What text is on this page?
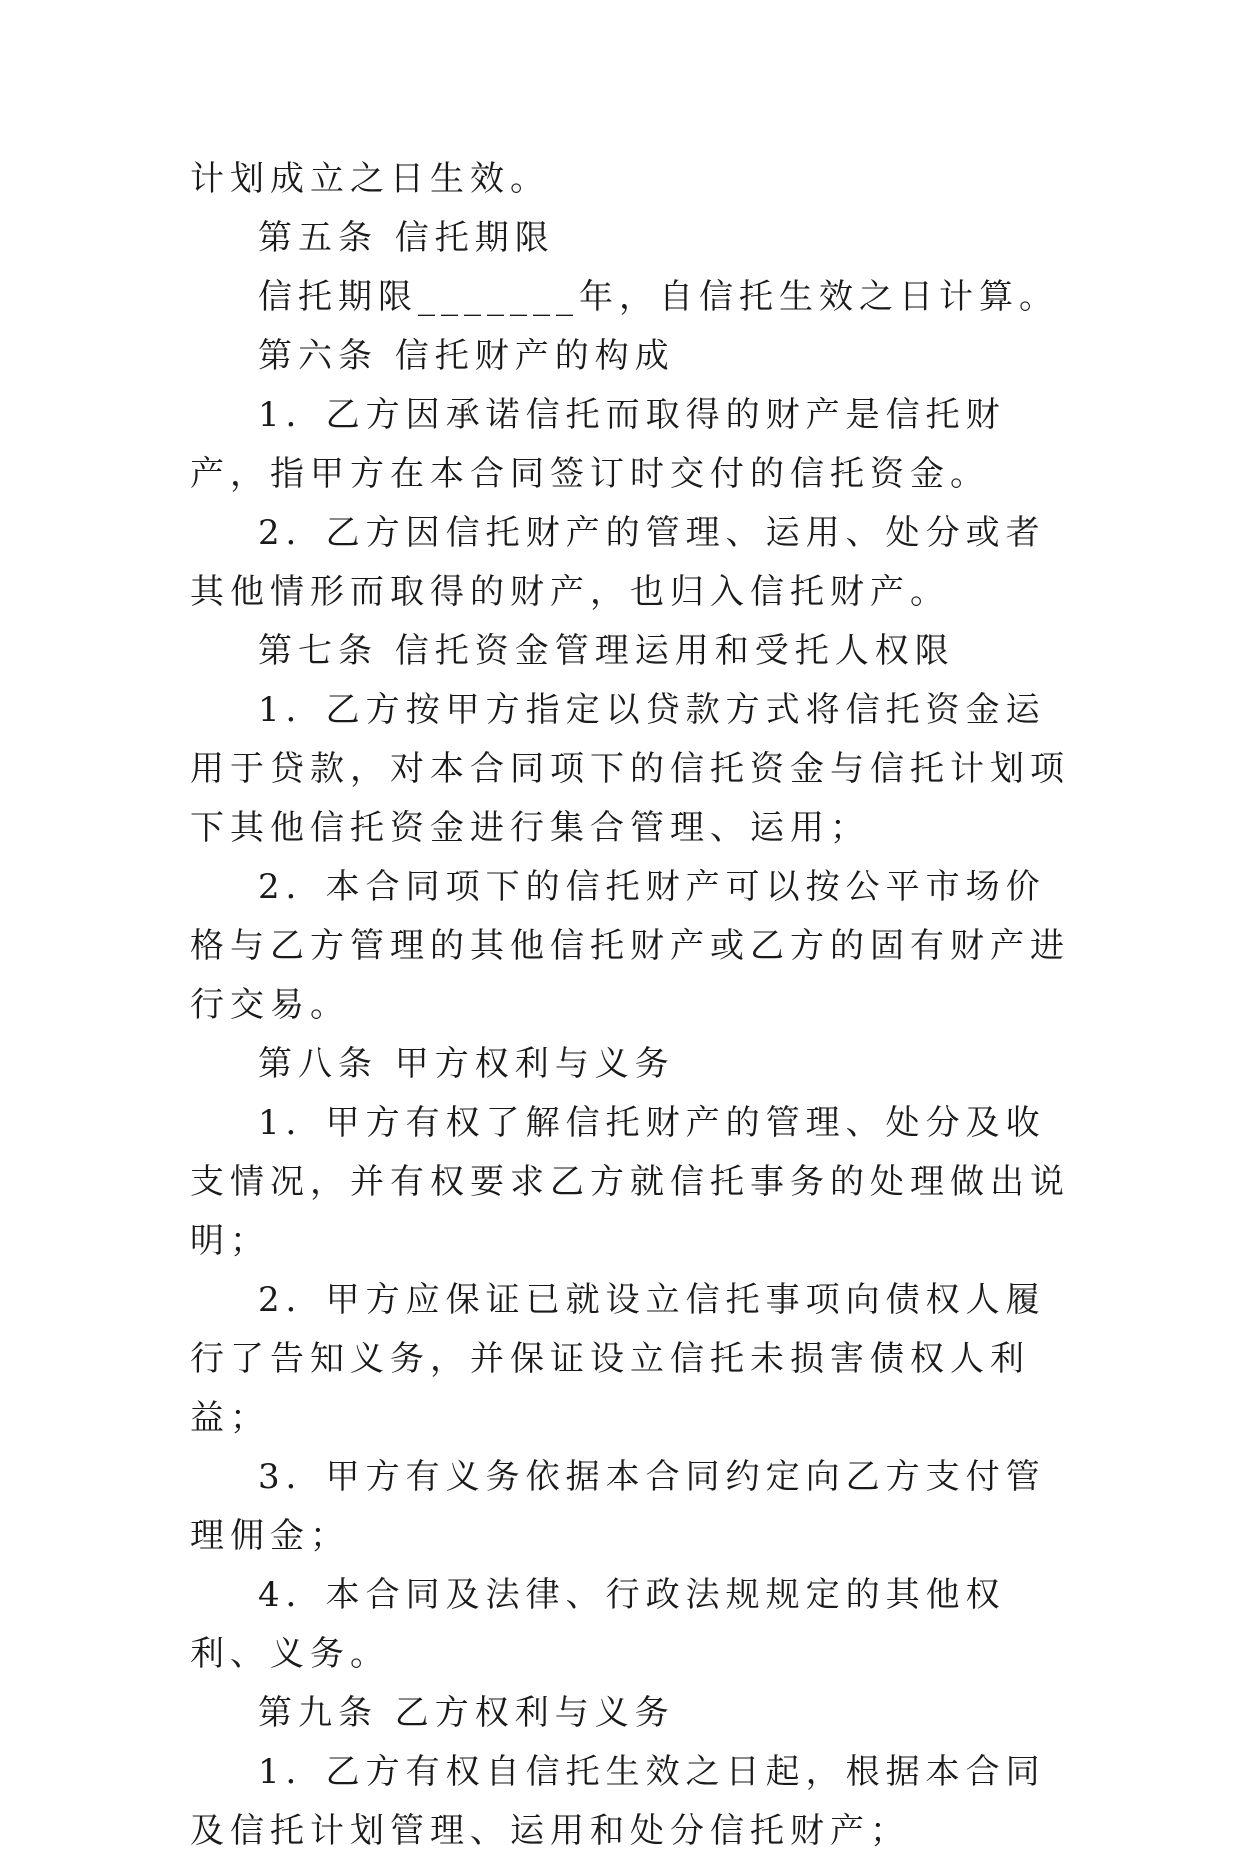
计划成立之日生效。

第五条 信托期限

信托期限_______年，自信托生效之日计算。

第六条 信托财产的构成

1．乙方因承诺信托而取得的财产是信托财产，指甲方在本合同签订时交付的信托资金。

2．乙方因信托财产的管理、运用、处分或者其他情形而取得的财产，也归入信托财产。

第七条 信托资金管理运用和受托人权限

1．乙方按甲方指定以贷款方式将信托资金运用于贷款，对本合同项下的信托资金与信托计划项下其他信托资金进行集合管理、运用；

2．本合同项下的信托财产可以按公平市场价格与乙方管理的其他信托财产或乙方的固有财产进行交易。

第八条 甲方权利与义务

1．甲方有权了解信托财产的管理、处分及收支情况，并有权要求乙方就信托事务的处理做出说明；

2．甲方应保证已就设立信托事项向债权人履行了告知义务，并保证设立信托未损害债权人利益；

3．甲方有义务依据本合同约定向乙方支付管理佣金；

4．本合同及法律、行政法规规定的其他权利、义务。

第九条 乙方权利与义务

1．乙方有权自信托生效之日起，根据本合同及信托计划管理、运用和处分信托财产；
